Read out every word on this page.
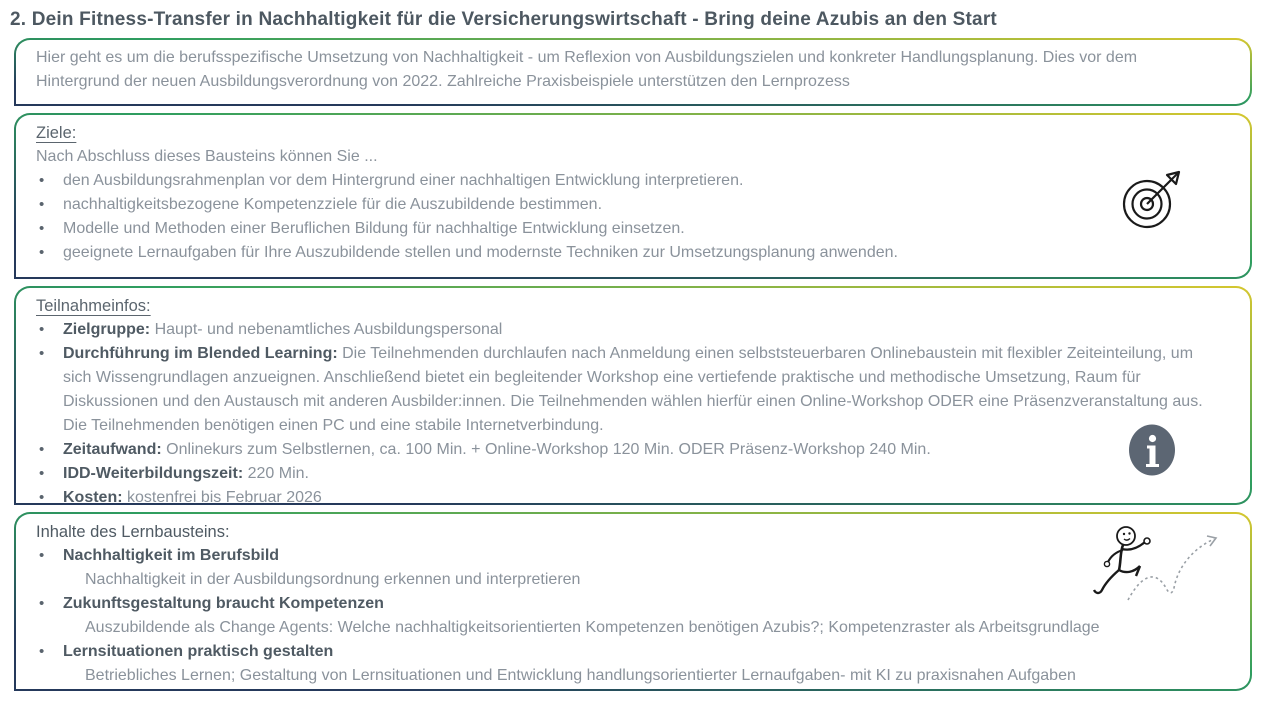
2. Dein Fitness-Transfer in Nachhaltigkeit für die Versicherungswirtschaft - Bring deine Azubis an den Start

Hier geht es um die berufsspezifische Umsetzung von Nachhaltigkeit - um Reflexion von Ausbildungszielen und konkreter Handlungsplanung. Dies vor dem Hintergrund der neuen Ausbildungsverordnung von 2022. Zahlreiche Praxisbeispiele unterstützen den Lernprozess

Ziele:

Nach Abschluss dieses Bausteins können Sie ...

• den Ausbildungsrahmenplan vor dem Hintergrund einer nachhaltigen Entwicklung interpretieren.
• nachhaltigkeitsbezogene Kompetenzziele für die Auszubildende bestimmen.
• Modelle und Methoden einer Beruflichen Bildung für nachhaltige Entwicklung einsetzen.
• geeignete Lernaufgaben für Ihre Auszubildende stellen und modernste Techniken zur Umsetzungsplanung anwenden.
Teilnahmeinfos:
• Zielgruppe: Haupt- und nebenamtliches Ausbildungspersonal
• Durchführung im Blended Learning: Die Teilnehmenden durchlaufen nach Anmeldung einen selbststeuerbaren Onlinebaustein mit flexibler Zeiteinteilung, um sich Wissengrundlagen anzueignen. Anschließend bietet ein begleitender Workshop eine vertiefende praktische und methodische Umsetzung, Raum für Diskussionen und den Austausch mit anderen Ausbilder:innen. Die Teilnehmenden wählen hierfür einen Online-Workshop ODER eine Präsenzveranstaltung aus. Die Teilnehmenden benötigen einen PC und eine stabile Internetverbindung.
• Zeitaufwand: Onlinekurs zum Selbstlernen, ca. 100 Min. + Online-Workshop 120 Min. ODER Präsenz-Workshop 240 Min.
• IDD-Weiterbildungszeit: 220 Min.
• Kosten: kostenfrei bis Februar 2026
Inhalte des Lernbausteins:
• Nachhaltigkeit im Berufsbild
Nachhaltigkeit in der Ausbildungsordnung erkennen und interpretieren
• Zukunftsgestaltung braucht Kompetenzen
Auszubildende als Change Agents: Welche nachhaltigkeitsorientierten Kompetenzen benötigen Azubis?; Kompetenzraster als Arbeitsgrundlage
• Lernsituationen praktisch gestalten
Betriebliches Lernen; Gestaltung von Lernsituationen und Entwicklung handlungsorientierter Lernaufgaben- mit KI zu praxisnahen Aufgaben
